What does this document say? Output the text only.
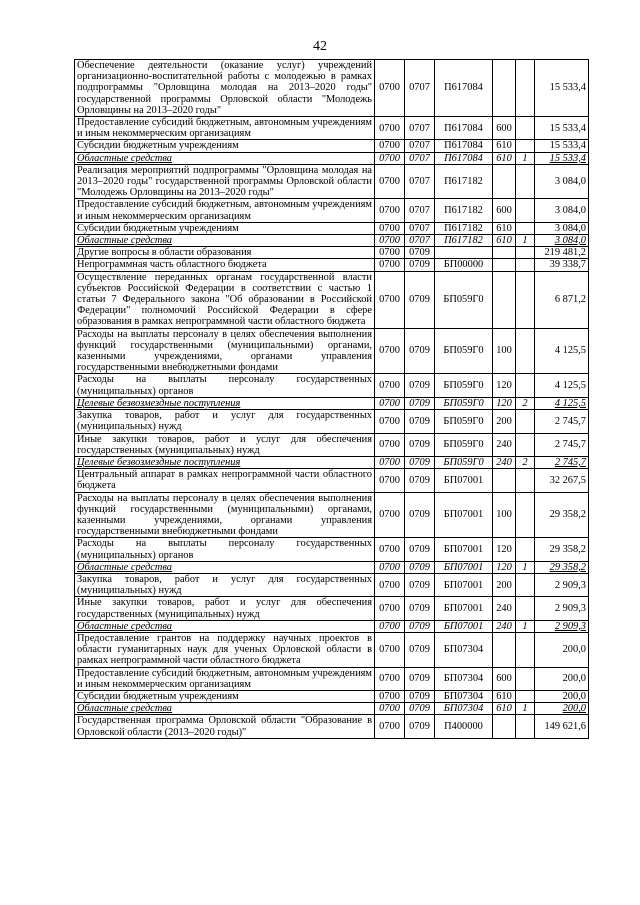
42
Обеспечение деятельности (оказание услуг) учреждений организационно-воспитательной работы с молодежью в рамках подпрограммы "Орловщина молодая на 2013–2020 годы" государственной программы Орловской области "Молодежь Орловщины на 2013–2020 годы"	0700	0707	П617084			15 533,4
Предоставление субсидий бюджетным, автономным учреждениям и иным некоммерческим организациям	0700	0707	П617084	600		15 533,4
Субсидии бюджетным учреждениям	0700	0707	П617084	610		15 533,4
Областные средства	0700	0707	П617084	610	1	15 533,4
Реализация мероприятий подпрограммы "Орловщина молодая на 2013–2020 годы" государственной программы Орловской области "Молодежь Орловщины на 2013–2020 годы"	0700	0707	П617182			3 084,0
Предоставление субсидий бюджетным, автономным учреждениям и иным некоммерческим организациям	0700	0707	П617182	600		3 084,0
Субсидии бюджетным учреждениям	0700	0707	П617182	610		3 084,0
Областные средства	0700	0707	П617182	610	1	3 084,0
Другие вопросы в области образования	0700	0709				219 481,2
Непрограммная часть областного бюджета	0700	0709	БП00000			39 338,7
Осуществление переданных органам государственной власти субъектов Российской Федерации в соответствии с частью 1 статьи 7 Федерального закона "Об образовании в Российской Федерации" полномочий Российской Федерации в сфере образования в рамках непрограммной части областного бюджета	0700	0709	БП059Г0			6 871,2
Расходы на выплаты персоналу в целях обеспечения выполнения функций государственными (муниципальными) органами, казенными учреждениями, органами управления государственными внебюджетными фондами	0700	0709	БП059Г0	100		4 125,5
Расходы на выплаты персоналу государственных (муниципальных) органов	0700	0709	БП059Г0	120		4 125,5
Целевые безвозмездные поступления	0700	0709	БП059Г0	120	2	4 125,5
Закупка товаров, работ и услуг для государственных (муниципальных) нужд	0700	0709	БП059Г0	200		2 745,7
Иные закупки товаров, работ и услуг для обеспечения государственных (муниципальных) нужд	0700	0709	БП059Г0	240		2 745,7
Целевые безвозмездные поступления	0700	0709	БП059Г0	240	2	2 745,7
Центральный аппарат в рамках непрограммной части областного бюджета	0700	0709	БП07001			32 267,5
Расходы на выплаты персоналу в целях обеспечения выполнения функций государственными (муниципальными) органами, казенными учреждениями, органами управления государственными внебюджетными фондами	0700	0709	БП07001	100		29 358,2
Расходы на выплаты персоналу государственных (муниципальных) органов	0700	0709	БП07001	120		29 358,2
Областные средства	0700	0709	БП07001	120	1	29 358,2
Закупка товаров, работ и услуг для государственных (муниципальных) нужд	0700	0709	БП07001	200		2 909,3
Иные закупки товаров, работ и услуг для обеспечения государственных (муниципальных) нужд	0700	0709	БП07001	240		2 909,3
Областные средства	0700	0709	БП07001	240	1	2 909,3
Предоставление грантов на поддержку научных проектов в области гуманитарных наук для ученых Орловской области в рамках непрограммной части областного бюджета	0700	0709	БП07304			200,0
Предоставление субсидий бюджетным, автономным учреждениям и иным некоммерческим организациям	0700	0709	БП07304	600		200,0
Субсидии бюджетным учреждениям	0700	0709	БП07304	610		200,0
Областные средства	0700	0709	БП07304	610	1	200,0
Государственная программа Орловской области "Образование в Орловской области (2013–2020 годы)"	0700	0709	П400000			149 621,6
